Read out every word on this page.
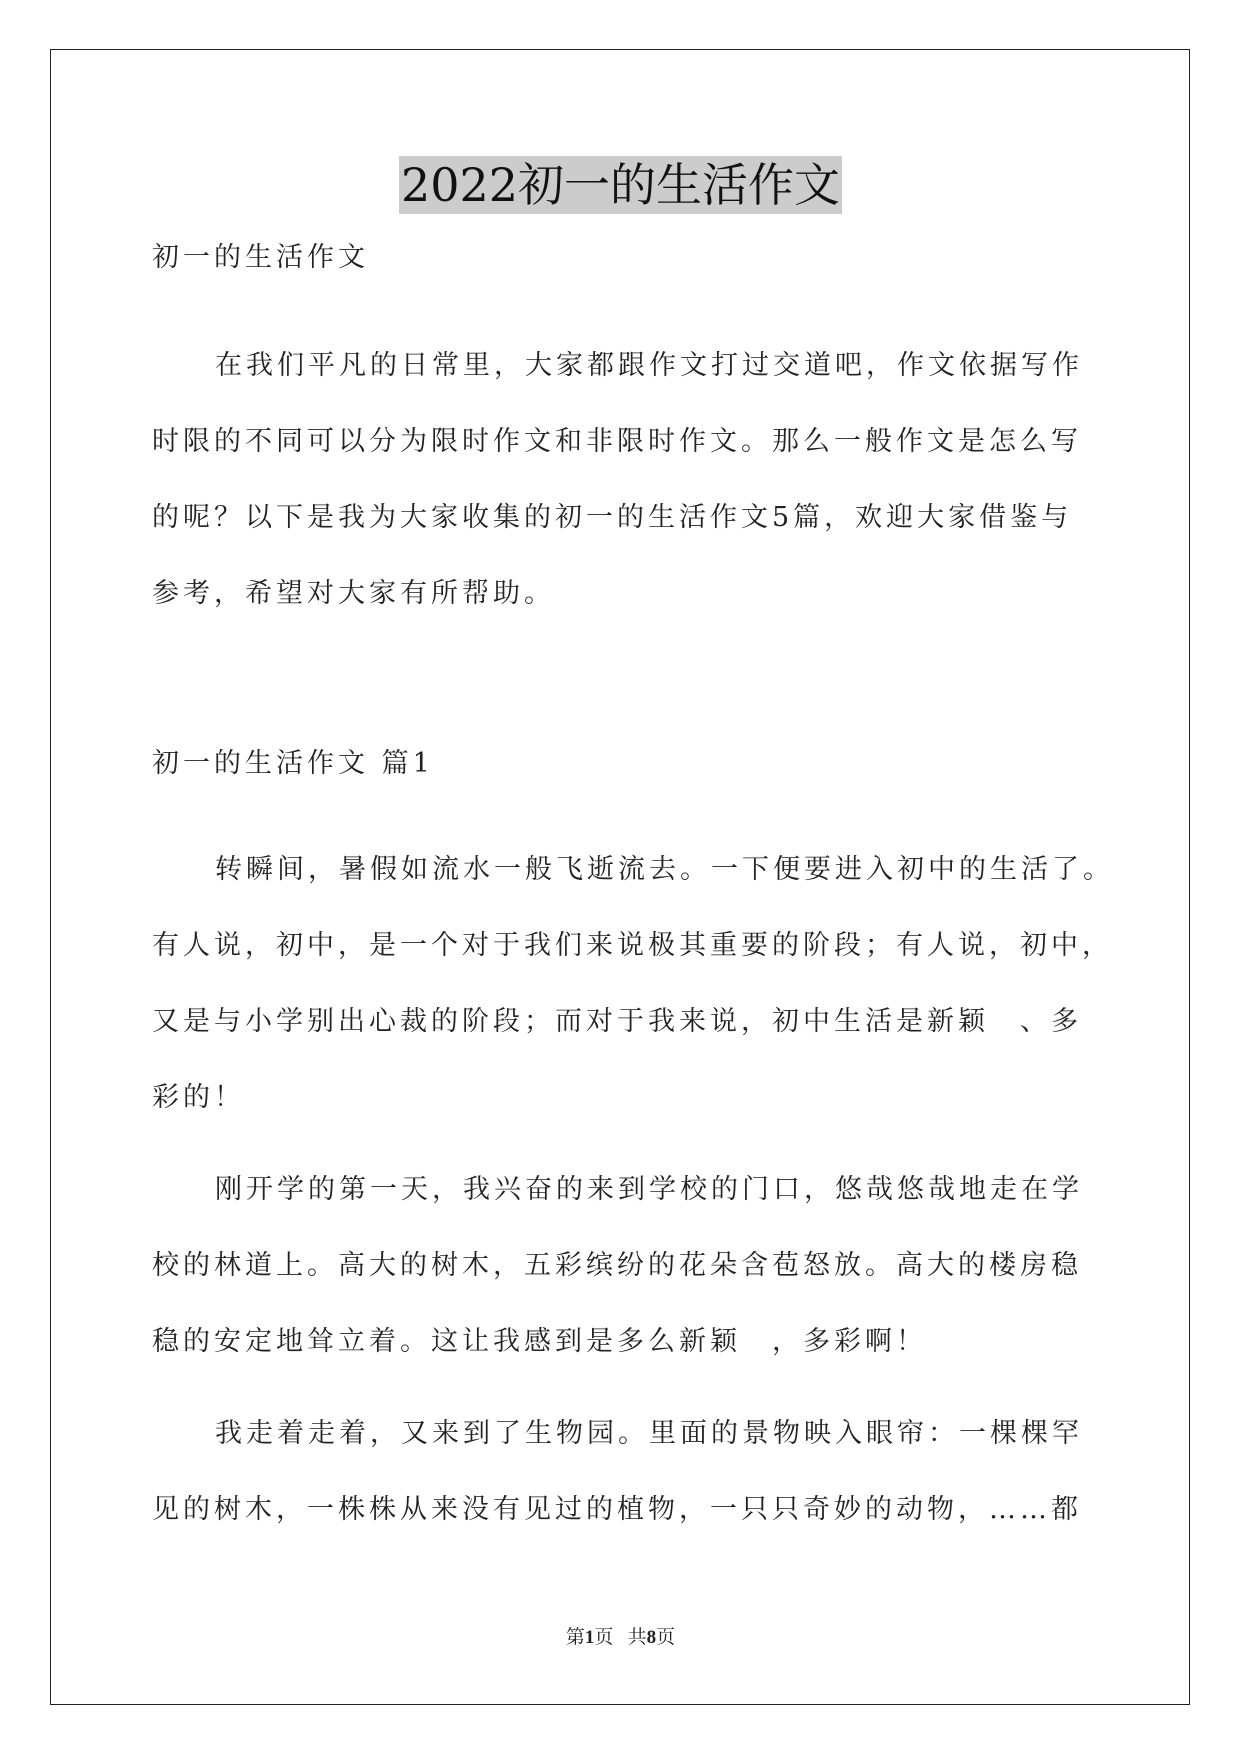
2022初一的生活作文

初一的生活作文

在我们平凡的日常里，大家都跟作文打过交道吧，作文依据写作

时限的不同可以分为限时作文和非限时作文。那么一般作文是怎么写

的呢？以下是我为大家收集的初一的生活作文5篇，欢迎大家借鉴与

参考，希望对大家有所帮助。

初一的生活作文 篇1

转瞬间，暑假如流水一般飞逝流去。一下便要进入初中的生活了。

有人说，初中，是一个对于我们来说极其重要的阶段；有人说，初中，

又是与小学别出心裁的阶段；而对于我来说，初中生活是新颖　、多

彩的！

刚开学的第一天，我兴奋的来到学校的门口，悠哉悠哉地走在学

校的林道上。高大的树木，五彩缤纷的花朵含苞怒放。高大的楼房稳

稳的安定地耸立着。这让我感到是多么新颖　，多彩啊！

我走着走着，又来到了生物园。里面的景物映入眼帘：一棵棵罕

见的树木，一株株从来没有见过的植物，一只只奇妙的动物，……都

第1页 共8页
